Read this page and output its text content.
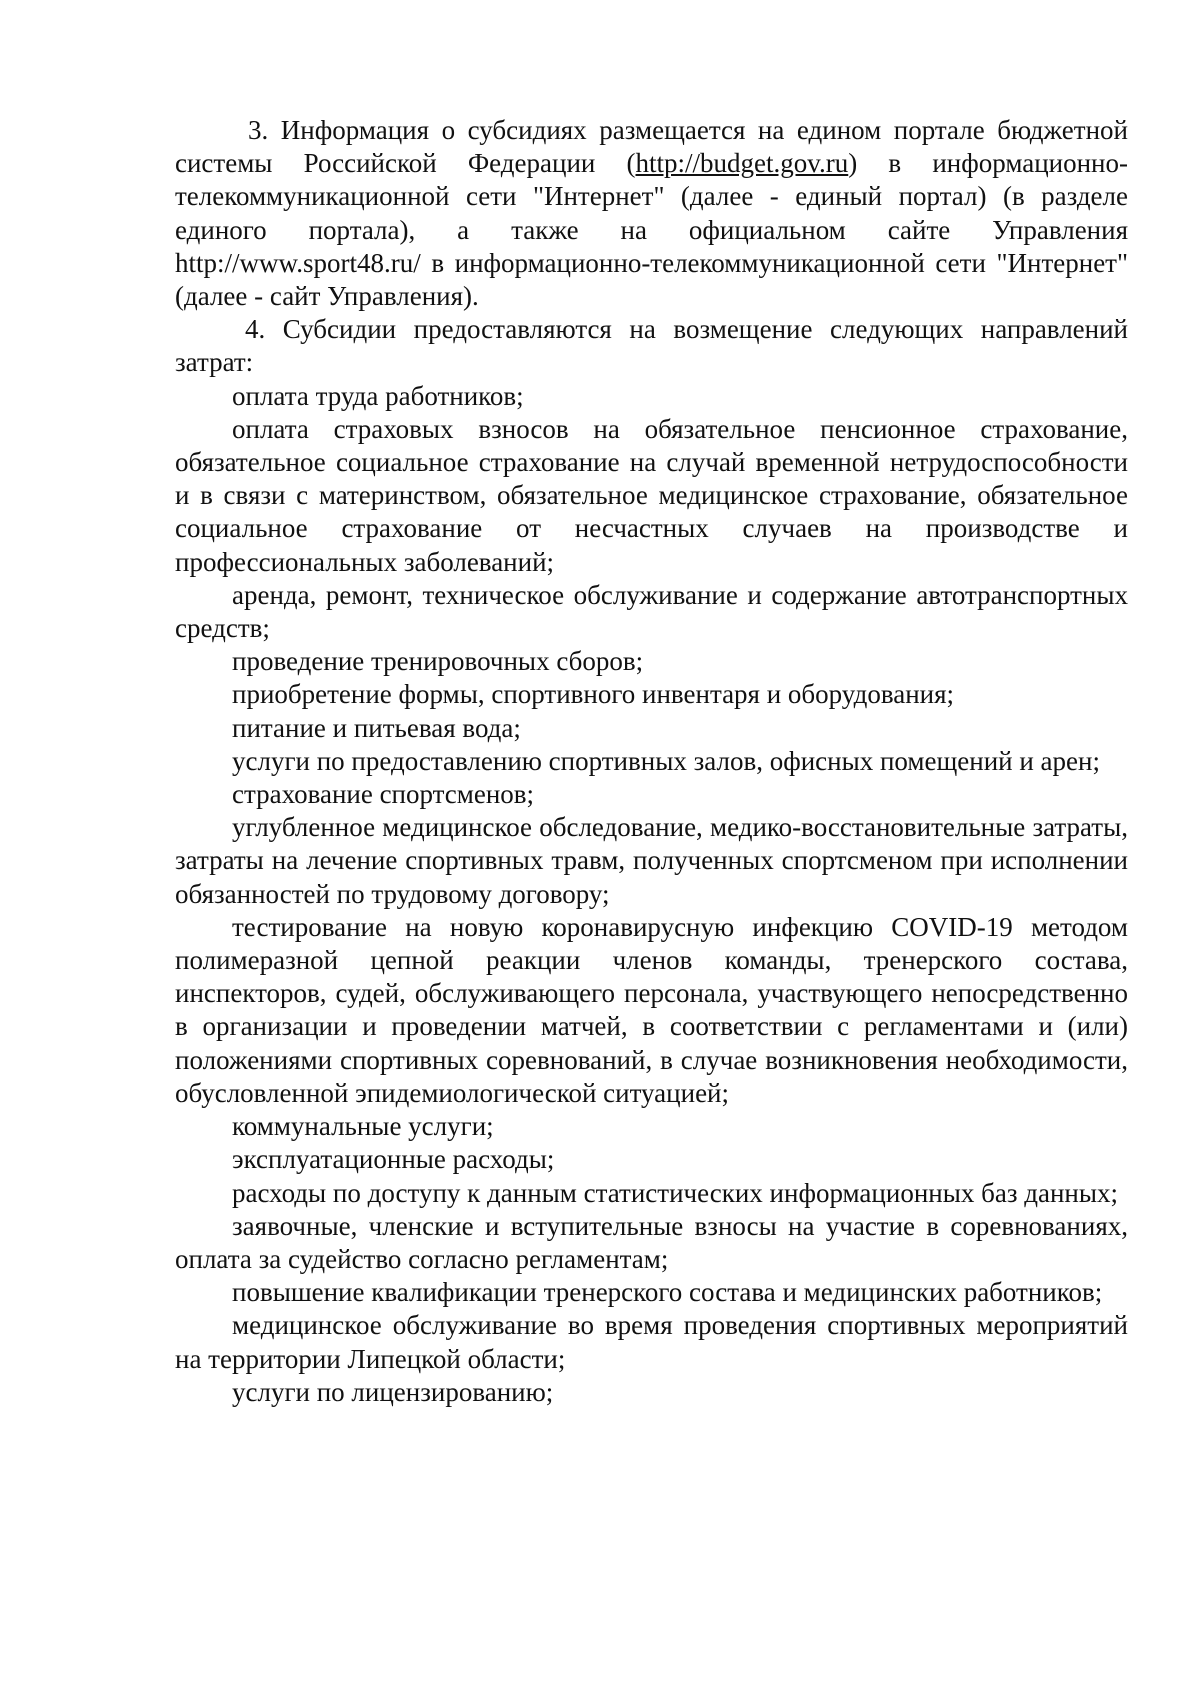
3. Информация о субсидиях размещается на едином портале бюджетной системы Российской Федерации (http://budget.gov.ru) в информационно-телекоммуникационной сети "Интернет" (далее - единый портал) (в разделе единого портала), а также на официальном сайте Управления http://www.sport48.ru/ в информационно-телекоммуникационной сети "Интернет" (далее - сайт Управления).

4. Субсидии предоставляются на возмещение следующих направлений затрат:

оплата труда работников;

оплата страховых взносов на обязательное пенсионное страхование, обязательное социальное страхование на случай временной нетрудоспособности и в связи с материнством, обязательное медицинское страхование, обязательное социальное страхование от несчастных случаев на производстве и профессиональных заболеваний;

аренда, ремонт, техническое обслуживание и содержание автотранспортных средств;

проведение тренировочных сборов;

приобретение формы, спортивного инвентаря и оборудования;

питание и питьевая вода;

услуги по предоставлению спортивных залов, офисных помещений и арен;

страхование спортсменов;

углубленное медицинское обследование, медико-восстановительные затраты, затраты на лечение спортивных травм, полученных спортсменом при исполнении обязанностей по трудовому договору;

тестирование на новую коронавирусную инфекцию COVID-19 методом полимеразной цепной реакции членов команды, тренерского состава, инспекторов, судей, обслуживающего персонала, участвующего непосредственно в организации и проведении матчей, в соответствии с регламентами и (или) положениями спортивных соревнований, в случае возникновения необходимости, обусловленной эпидемиологической ситуацией;

коммунальные услуги;

эксплуатационные расходы;

расходы по доступу к данным статистических информационных баз данных;

заявочные, членские и вступительные взносы на участие в соревнованиях, оплата за судейство согласно регламентам;

повышение квалификации тренерского состава и медицинских работников;

медицинское обслуживание во время проведения спортивных мероприятий на территории Липецкой области;

услуги по лицензированию;
